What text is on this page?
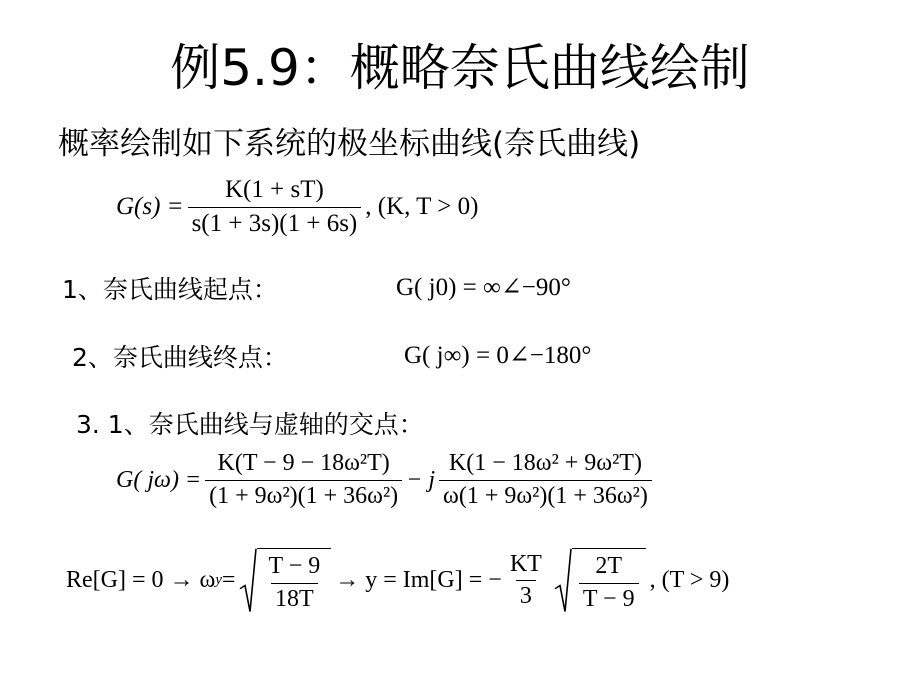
例5.9：概略奈氏曲线绘制
概率绘制如下系统的极坐标曲线(奈氏曲线)
$G(s) = \frac{K(1 + sT)}{s(1 + 3s)(1 + 6s)}$ , (K, T > 0)
1、奈氏曲线起点：	G( j0) = ∞∠−90°
2、奈氏曲线终点：	G( j∞) = 0∠−180°
3. 1、奈氏曲线与虚轴的交点：
G( $j\omega) = \frac{\text{K(T − 9 − 18ω²T)}}{\text{(1 + 9ω²)(1 + 36ω²)}} - j \frac{\text{K(1 − 18ω² + 9ω²T)}}{\text{ω(1 + 9ω²)(1 + 36ω²)}}$
Re[G] = 0 → ω $y = \frac{T - 9}{18T} \to y = Im[G]$ = − $\frac{KT}{3} \frac{2T}{T - 9}$ , (T > 9)
